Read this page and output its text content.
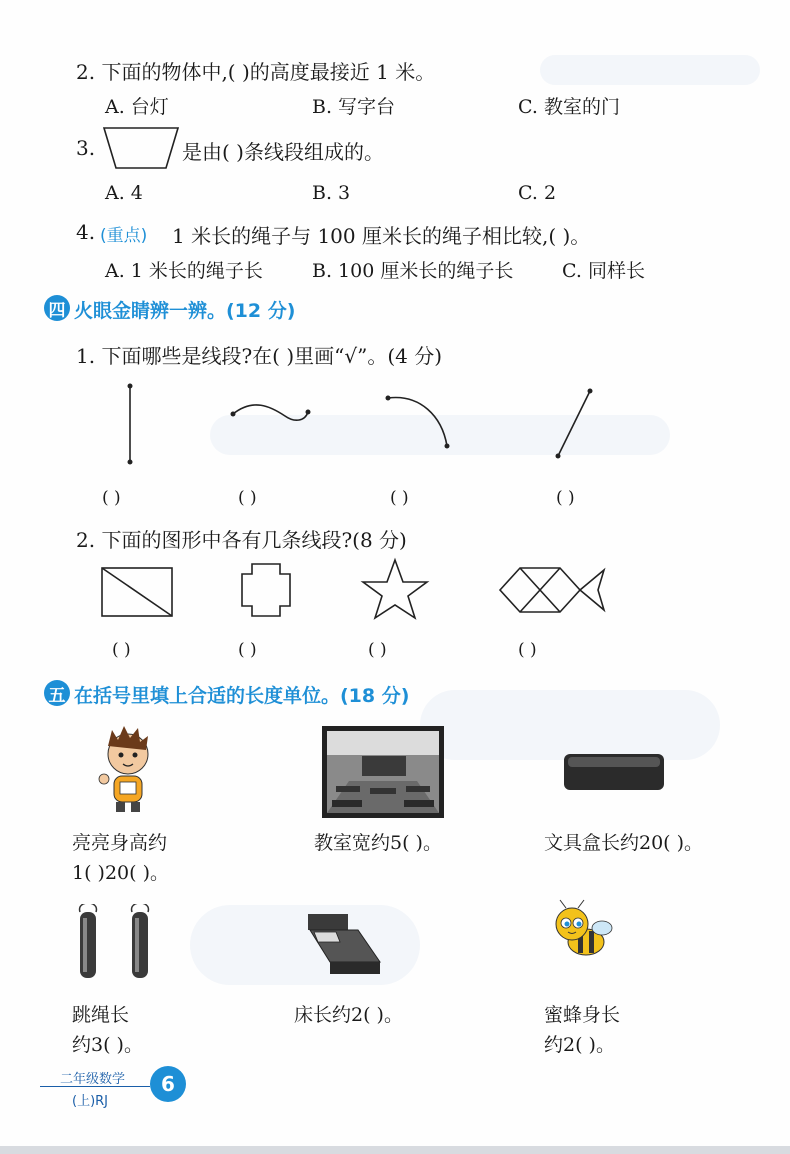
2. 下面的物体中,( )的高度最接近 1 米。
A. 台灯	B. 写字台	C. 教室的门
3.	是由( )条线段组成的。
A. 4	B. 3	C. 2
4. (重点) 1 米长的绳子与 100 厘米长的绳子相比较,( )。
A. 1 米长的绳子长	B. 100 厘米长的绳子长	C. 同样长
四 火眼金睛辨一辨。(12 分)
1. 下面哪些是线段?在( )里画“√”。(4 分)
( )	( )	( )	( )
2. 下面的图形中各有几条线段?(8 分)
( )	( )	( )	( )
五 在括号里填上合适的长度单位。(18 分)
亮亮身高约
1( )20( )。
教室宽约5( )。	文具盒长约20( )。
跳绳长
约3( )。
床长约2( )。	蜜蜂身长
约2( )。
二年级数学
(上)RJ
6
